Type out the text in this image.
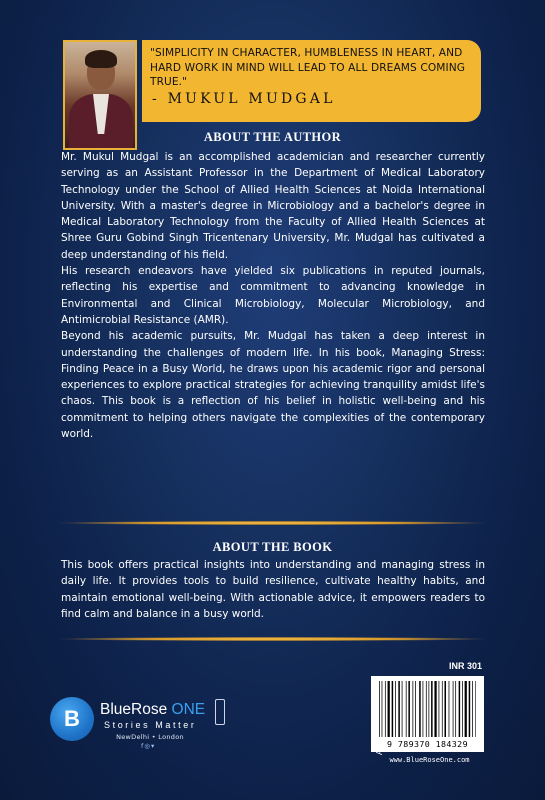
"SIMPLICITY IN CHARACTER, HUMBLENESS IN HEART, AND HARD WORK IN MIND WILL LEAD TO ALL DREAMS COMING TRUE."
- MUKUL MUDGAL
ABOUT THE AUTHOR

Mr. Mukul Mudgal is an accomplished academician and researcher currently serving as an Assistant Professor in the Department of Medical Laboratory Technology under the School of Allied Health Sciences at Noida International University. With a master's degree in Microbiology and a bachelor's degree in Medical Laboratory Technology from the Faculty of Allied Health Sciences at Shree Guru Gobind Singh Tricentenary University, Mr. Mudgal has cultivated a deep understanding of his field.

His research endeavors have yielded six publications in reputed journals, reflecting his expertise and commitment to advancing knowledge in Environmental and Clinical Microbiology, Molecular Microbiology, and Antimicrobial Resistance (AMR).

Beyond his academic pursuits, Mr. Mudgal has taken a deep interest in understanding the challenges of modern life. In his book, Managing Stress: Finding Peace in a Busy World, he draws upon his academic rigor and personal experiences to explore practical strategies for achieving tranquility amidst life's chaos. This book is a reflection of his belief in holistic well-being and his commitment to helping others navigate the complexities of the contemporary world.

ABOUT THE BOOK
This book offers practical insights into understanding and managing stress in daily life. It provides tools to build resilience, cultivate healthy habits, and maintain emotional well-being. With actionable advice, it empowers readers to find calm and balance in a busy world.
B	BlueRose ONE
Stories Matter
NewDelhi • London
f◎▾
INR 301
9 789370 184329
www.BlueRoseOne.com
